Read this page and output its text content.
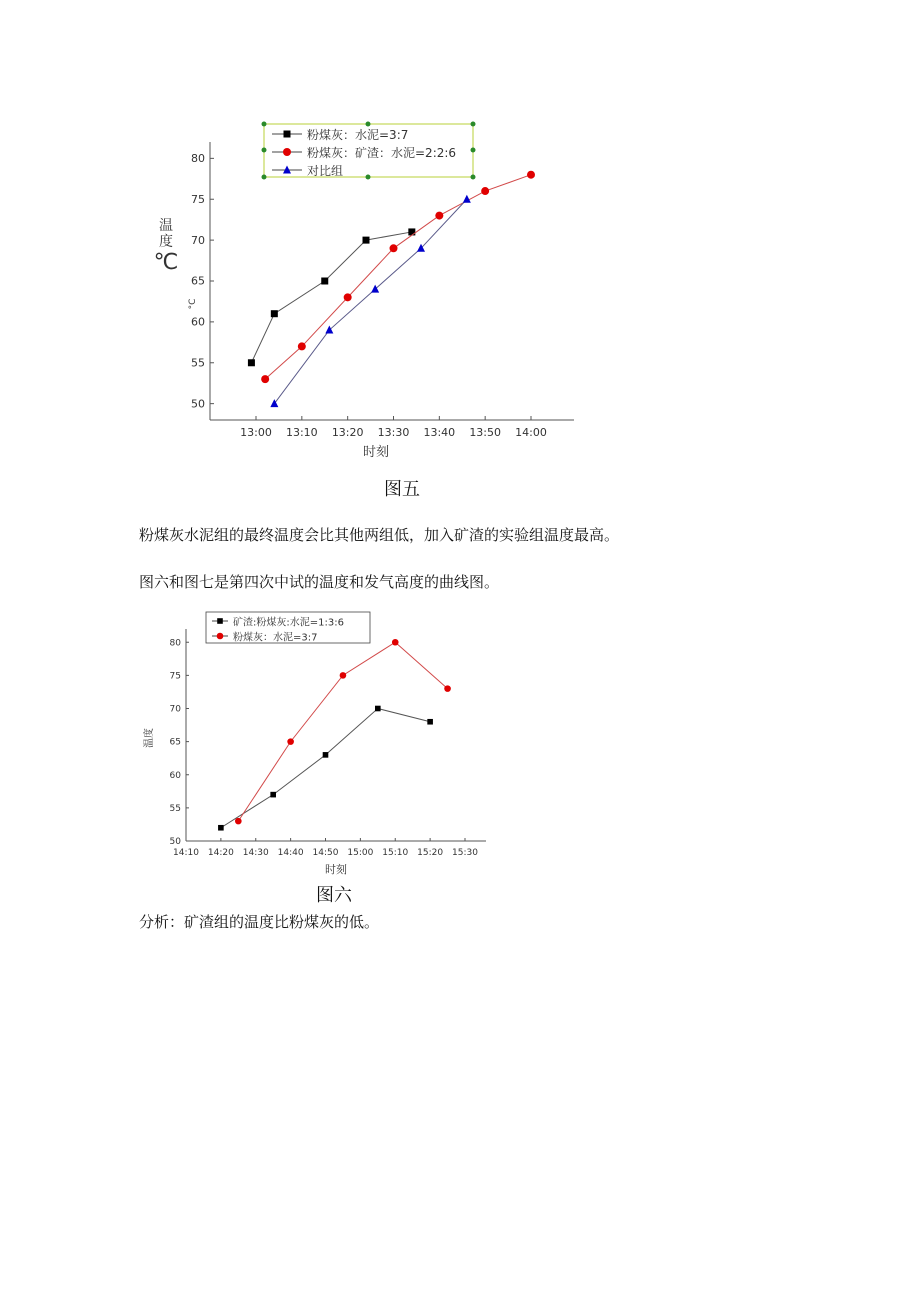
粉煤灰：水泥=3:7
粉煤灰：矿渣：水泥=2:2:6
对比组
50
55
60
65
70
75
80
13:00 13:10 13:20 13:30 13:40 13:50 14:00
时刻
温
度
℃
°C
图五
粉煤灰水泥组的最终温度会比其他两组低，加入矿渣的实验组温度最高。
图六和图七是第四次中试的温度和发气高度的曲线图。
矿渣:粉煤灰:水泥=1:3:6
粉煤灰：水泥=3:7
50
55
60
65
70
75
80
14:10 14:20 14:30 14:40 14:50 15:00 15:10 15:20 15:30
时刻
温度
图六
分析：矿渣组的温度比粉煤灰的低。
